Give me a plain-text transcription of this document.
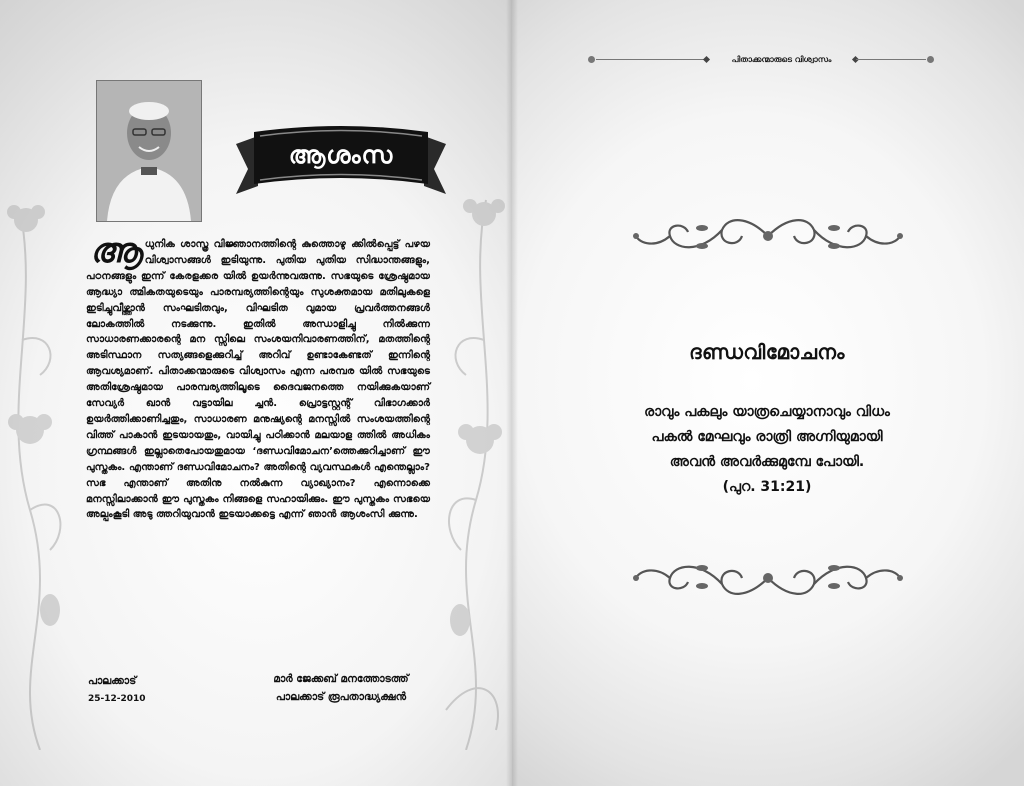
ആശംസ
ആ ധുനിക ശാസ്ത്ര വിജ്ഞാനത്തിന്റെ കുത്തൊഴു ക്കിൽപ്പെട്ട് പഴയ വിശ്വാസങ്ങൾ ഇടിയുന്നു. പുതിയ പുതിയ സിദ്ധാന്തങ്ങളും, പഠനങ്ങളും ഇന്ന് കേരളക്കര യിൽ ഉയർന്നുവരുന്നു. സഭയുടെ ശ്രേഷ്ഠമായ ആദ്ധ്യാ ത്മികതയുടെയും പാരമ്പര്യത്തിന്റെയും സുശക്തമായ മതിലുകളെ ഇടിച്ചുവീഴ്ത്താൻ സംഘടിതവും, വിഘടിത വുമായ പ്രവർത്തനങ്ങൾ ലോകത്തിൽ നടക്കുന്നു.	ഇതിൽ അന്ധാളിച്ചു നിൽക്കുന്ന സാധാരണക്കാരന്റെ മന സ്സിലെ സംശയനിവാരണത്തിന്, മതത്തിന്റെ അടിസ്ഥാന സത്യങ്ങളെക്കുറിച്ച് അറിവ് ഉണ്ടാകേണ്ടത് ഇന്നിന്റെ ആവശ്യമാണ്. പിതാക്കന്മാരുടെ വിശ്വാസം എന്ന പരമ്പര യിൽ സഭയുടെ അതിശ്രേഷ്ഠമായ പാരമ്പര്യത്തിലൂടെ ദൈവജനത്തെ നയിക്കുകയാണ് സേവ്യർ ഖാൻ വട്ടായില ച്ചൻ. പ്രൊട്ടസ്റ്റന്റ് വിഭാഗക്കാർ ഉയർത്തിക്കാണിച്ചതും, സാധാരണ മനുഷ്യന്റെ മനസ്സിൽ സംശയത്തിന്റെ വിത്ത് പാകാൻ ഇടയായതും, വായിച്ചു പഠിക്കാൻ മലയാള ത്തിൽ അധികം ഗ്രന്ഥങ്ങൾ ഇല്ലാതെപോയതുമായ ‘ദണ്ഡവിമോചന’ത്തെക്കുറിച്ചാണ് ഈ പുസ്തകം. എന്താണ് ദണ്ഡവിമോചനം? അതിന്റെ വ്യവസ്ഥകൾ എന്തെല്ലാം? സഭ എന്താണ് അതിനു നൽകുന്ന വ്യാഖ്യാനം? എന്നൊക്കെ മനസ്സിലാക്കാൻ ഈ പുസ്തകം നിങ്ങളെ സഹായിക്കും. ഈ പുസ്തകം സഭയെ അല്പംകൂടി അടു ത്തറിയുവാൻ ഇടയാക്കട്ടെ എന്ന് ഞാൻ ആശംസി ക്കുന്നു.

പാലക്കാട്
25-12-2010
മാർ ജേക്കബ് മനത്തോടത്ത്
പാലക്കാട് രൂപതാദ്ധ്യക്ഷൻ
പിതാക്കന്മാരുടെ വിശ്വാസം
ദണ്ഡവിമോചനം

രാവും പകലും യാത്രചെയ്യാനാവും വിധം

പകൽ മേഘവും രാത്രി അഗ്നിയുമായി

അവൻ അവർക്കുമുമ്പേ പോയി.

(പുറ. 31:21)
